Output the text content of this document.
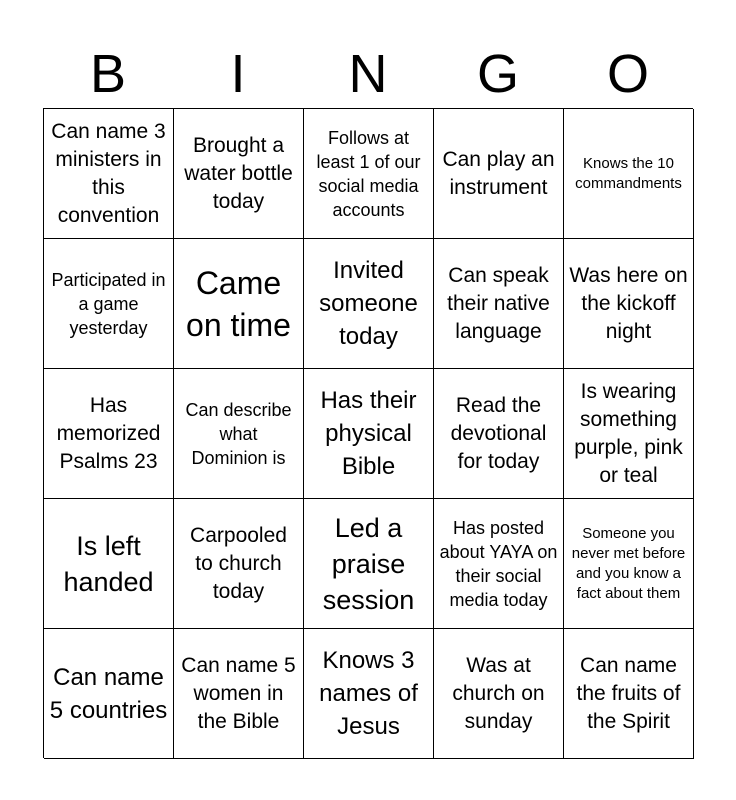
B	I	N	G	O
Can name 3 ministers in this convention
Brought a water bottle today
Follows at least 1 of our social media accounts
Can play an instrument
Knows the 10 commandments
Participated in a game yesterday
Came on time
Invited someone today
Can speak their native language
Was here on the kickoff night
Has memorized Psalms 23
Can describe what Dominion is
Has their physical Bible
Read the devotional for today
Is wearing something purple, pink or teal
Is left handed
Carpooled to church today
Led a praise session
Has posted about YAYA on their social media today
Someone you never met before and you know a fact about them
Can name 5 countries
Can name 5 women in the Bible
Knows 3 names of Jesus
Was at church on sunday
Can name the fruits of the Spirit
